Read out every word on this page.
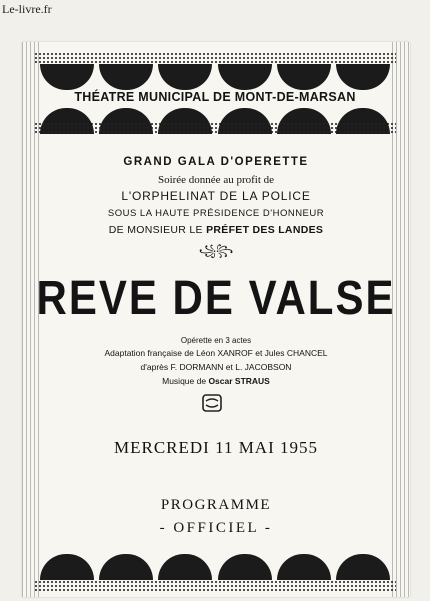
Le-livre.fr
THÉATRE MUNICIPAL DE MONT-DE-MARSAN
GRAND GALA D'OPERETTE
Soirée donnée au profit de
L'ORPHELINAT DE LA POLICE
SOUS LA HAUTE PRÉSIDENCE D'HONNEUR
DE MONSIEUR LE PRÉFET DES LANDES
꧁꧂
REVE DE VALSE
Opérette en 3 actes
Adaptation française de Léon XANROF et Jules CHANCEL
d'après F. DORMANN et L. JACOBSON
Musique de Oscar STRAUS
MERCREDI 11 MAI 1955
PROGRAMME
- OFFICIEL -
